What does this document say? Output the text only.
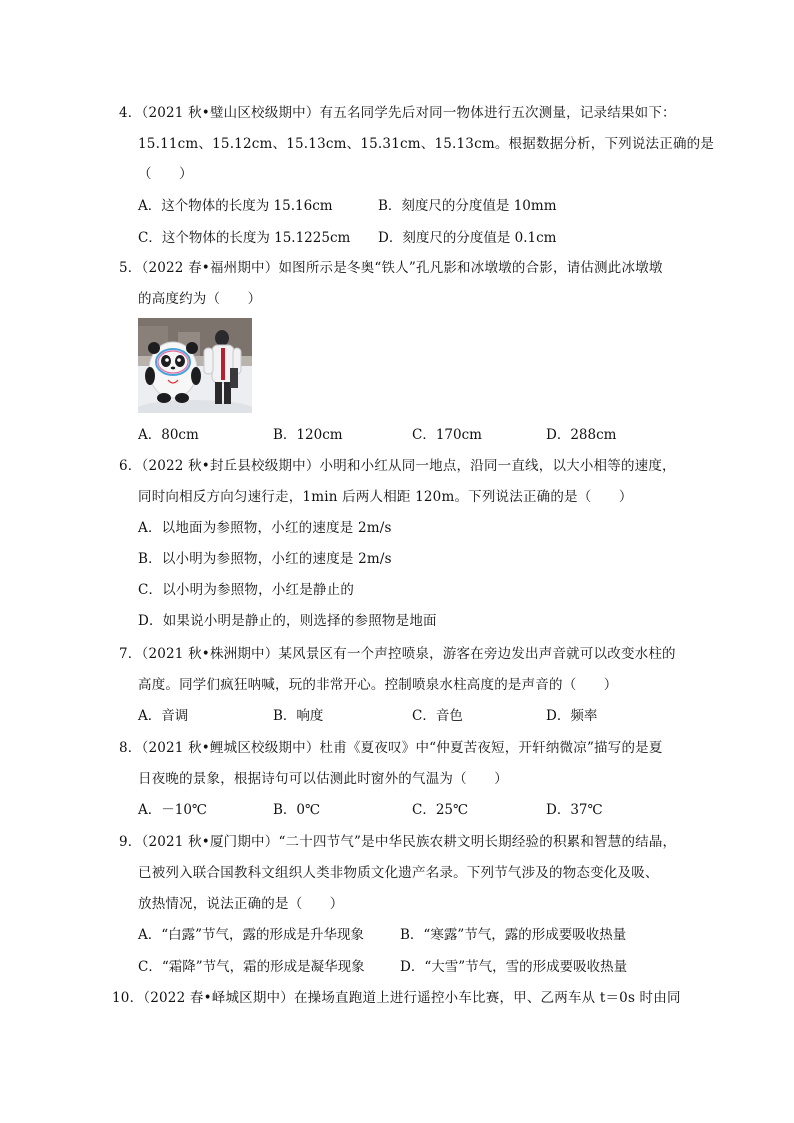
4．（2021 秋•璧山区校级期中）有五名同学先后对同一物体进行五次测量，记录结果如下：
15.11cm、15.12cm、15.13cm、15.31cm、15.13cm。根据数据分析，下列说法正确的是
（　　）
A．这个物体的长度为 15.16cm	B．刻度尺的分度值是 10mm
C．这个物体的长度为 15.1225cm D．刻度尺的分度值是 0.1cm
5．（2022 春•福州期中）如图所示是冬奥“铁人”孔凡影和冰墩墩的合影，请估测此冰墩墩
的高度约为（　　）
A．80cm	B．120cm	C．170cm	D．288cm
6．（2022 秋•封丘县校级期中）小明和小红从同一地点，沿同一直线，以大小相等的速度，
同时向相反方向匀速行走，1min 后两人相距 120m。下列说法正确的是（　　）
A．以地面为参照物，小红的速度是 2m/s
B．以小明为参照物，小红的速度是 2m/s
C．以小明为参照物，小红是静止的
D．如果说小明是静止的，则选择的参照物是地面
7．（2021 秋•株洲期中）某风景区有一个声控喷泉，游客在旁边发出声音就可以改变水柱的
高度。同学们疯狂呐喊，玩的非常开心。控制喷泉水柱高度的是声音的（　　）
A．音调	B．响度	C．音色	D．频率
8．（2021 秋•鲤城区校级期中）杜甫《夏夜叹》中“仲夏苦夜短，开轩纳微凉”描写的是夏
日夜晚的景象，根据诗句可以估测此时窗外的气温为（　　）
A．－10℃	B．0℃	C．25℃	D．37℃
9．（2021 秋•厦门期中）“二十四节气”是中华民族农耕文明长期经验的积累和智慧的结晶，
已被列入联合国教科文组织人类非物质文化遗产名录。下列节气涉及的物态变化及吸、
放热情况，说法正确的是（　　）
A．“白露”节气，露的形成是升华现象	B．“寒露”节气，露的形成要吸收热量
C．“霜降”节气，霜的形成是凝华现象	D．“大雪”节气，雪的形成要吸收热量
10．（2022 春•峄城区期中）在操场直跑道上进行遥控小车比赛，甲、乙两车从 t＝0s 时由同
